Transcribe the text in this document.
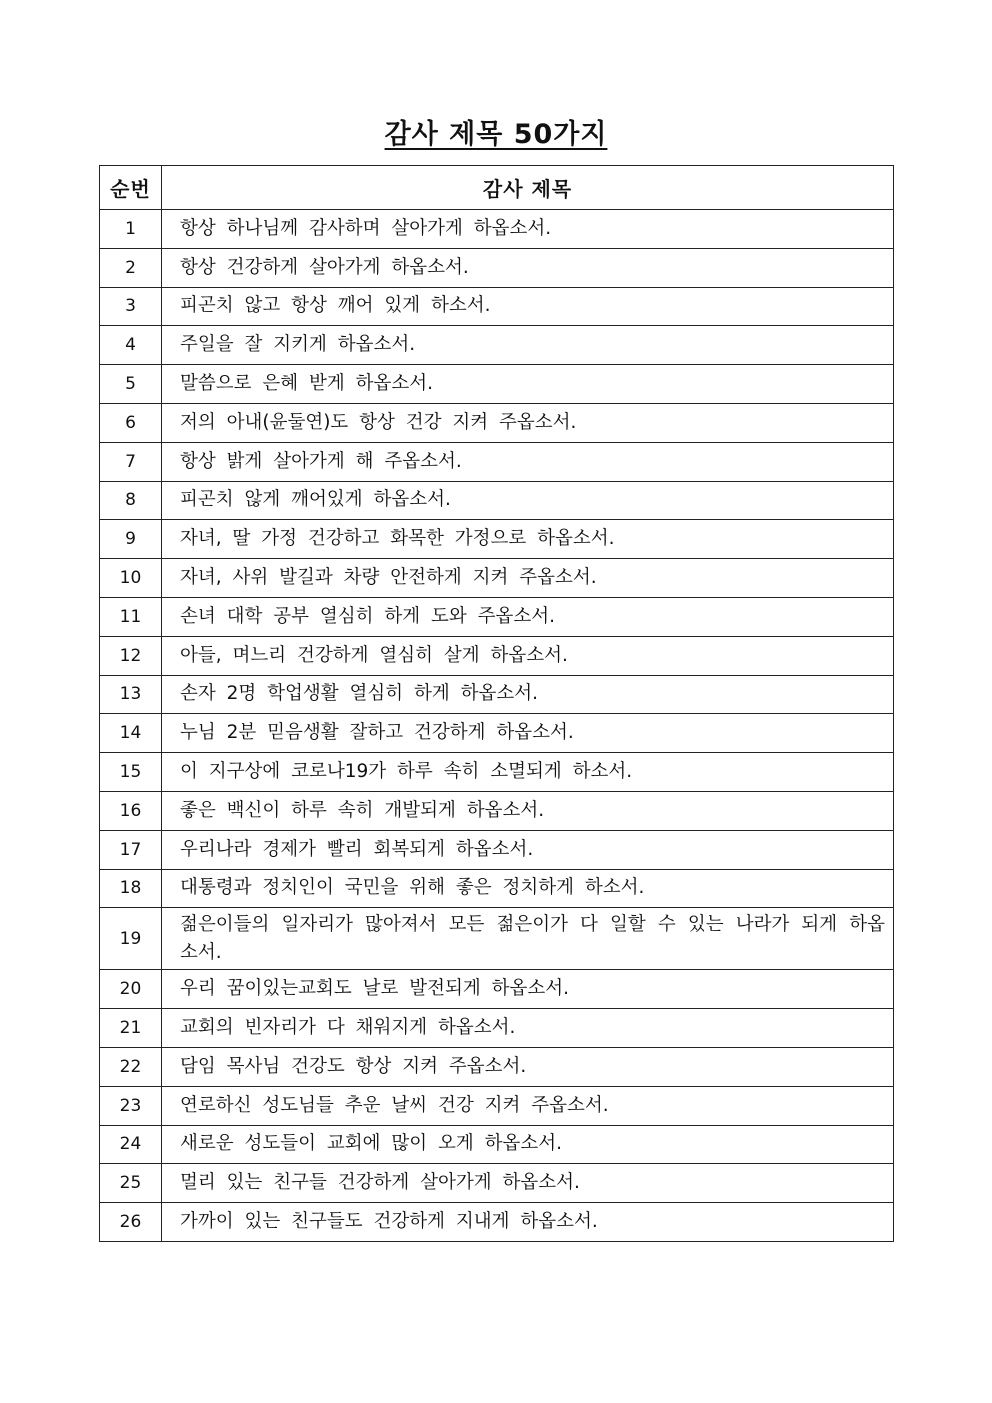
감사 제목 50가지
순번	감사 제목
1	항상 하나님께 감사하며 살아가게 하옵소서.
2	항상 건강하게 살아가게 하옵소서.
3	피곤치 않고 항상 깨어 있게 하소서.
4	주일을 잘 지키게 하옵소서.
5	말씀으로 은혜 받게 하옵소서.
6	저의 아내(윤둘연)도 항상 건강 지켜 주옵소서.
7	항상 밝게 살아가게 해 주옵소서.
8	피곤치 않게 깨어있게 하옵소서.
9	자녀, 딸 가정 건강하고 화목한 가정으로 하옵소서.
10	자녀, 사위 발길과 차량 안전하게 지켜 주옵소서.
11	손녀 대학 공부 열심히 하게 도와 주옵소서.
12	아들, 며느리 건강하게 열심히 살게 하옵소서.
13	손자 2명 학업생활 열심히 하게 하옵소서.
14	누님 2분 믿음생활 잘하고 건강하게 하옵소서.
15	이 지구상에 코로나19가 하루 속히 소멸되게 하소서.
16	좋은 백신이 하루 속히 개발되게 하옵소서.
17	우리나라 경제가 빨리 회복되게 하옵소서.
18	대통령과 정치인이 국민을 위해 좋은 정치하게 하소서.
19	젊은이들의 일자리가 많아져서 모든 젊은이가 다 일할 수 있는 나라가 되게 하옵소서.
20	우리 꿈이있는교회도 날로 발전되게 하옵소서.
21	교회의 빈자리가 다 채워지게 하옵소서.
22	담임 목사님 건강도 항상 지켜 주옵소서.
23	연로하신 성도님들 추운 날씨 건강 지켜 주옵소서.
24	새로운 성도들이 교회에 많이 오게 하옵소서.
25	멀리 있는 친구들 건강하게 살아가게 하옵소서.
26	가까이 있는 친구들도 건강하게 지내게 하옵소서.
